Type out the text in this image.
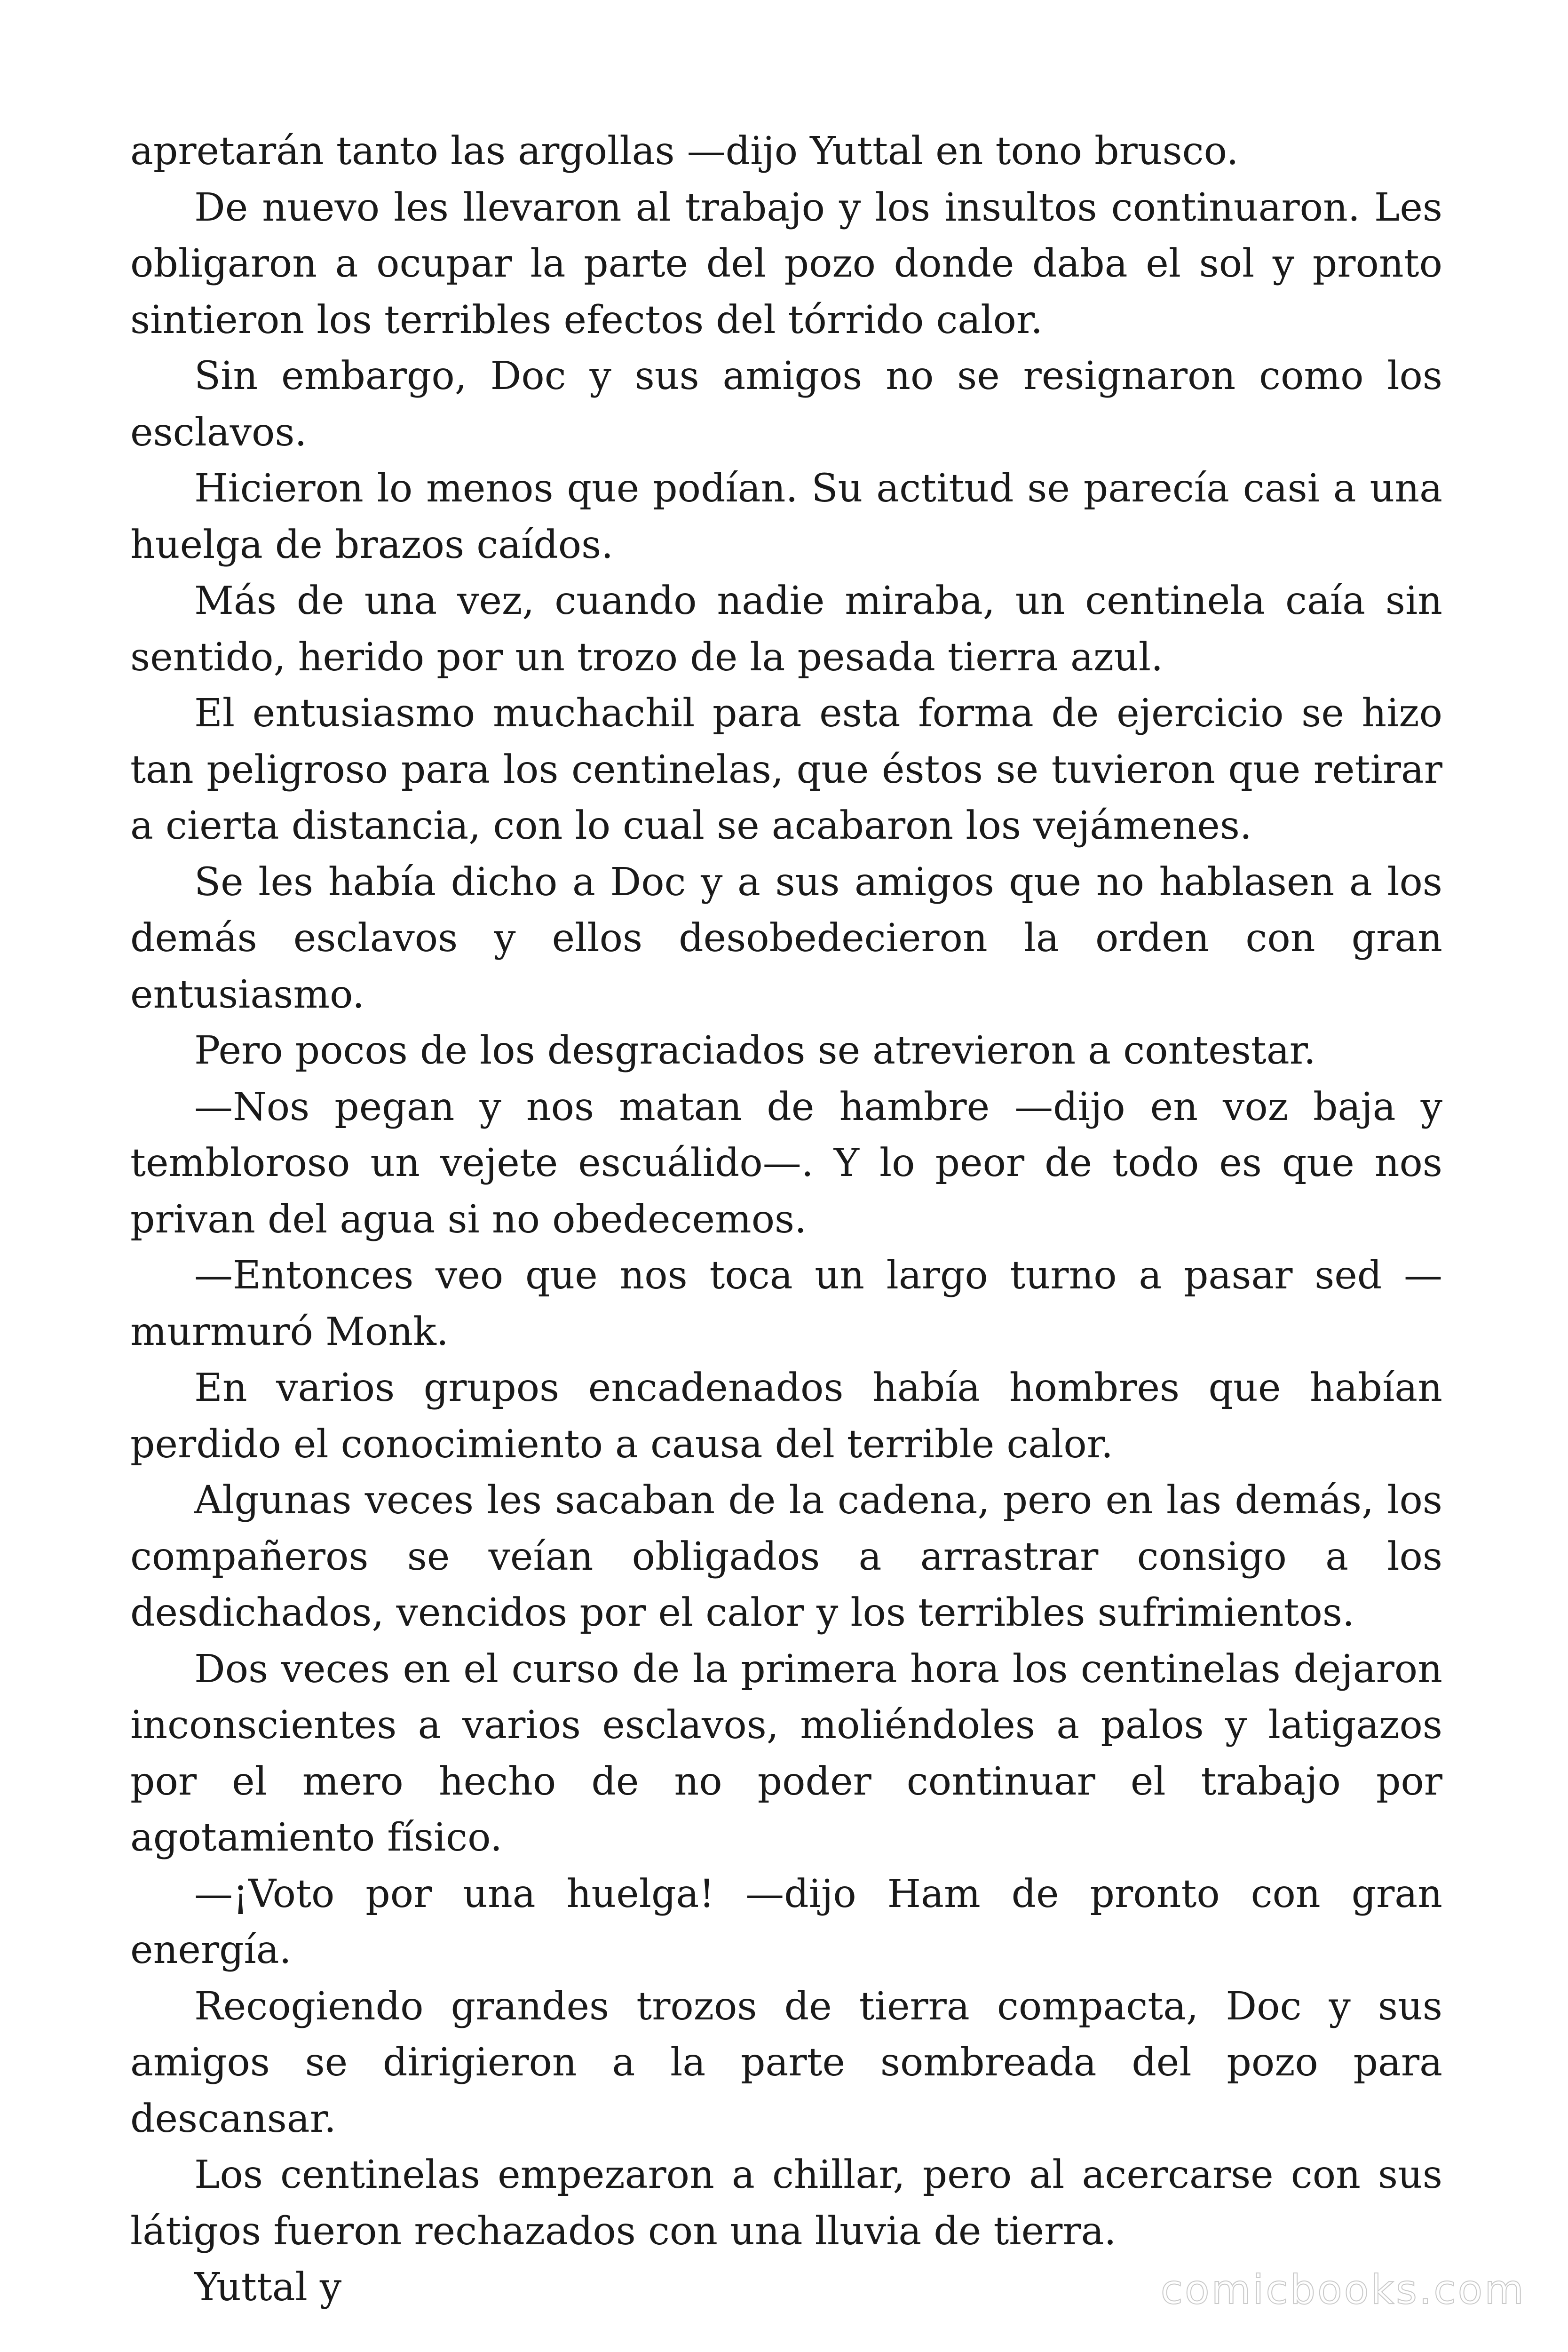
apretarán tanto las argollas —dijo Yuttal en tono brusco.

De nuevo les llevaron al trabajo y los insultos continuaron. Les obligaron a ocupar la parte del pozo donde daba el sol y pronto sintieron los terribles efectos del tórrido calor.

Sin embargo, Doc y sus amigos no se resignaron como los esclavos.

Hicieron lo menos que podían. Su actitud se parecía casi a una huelga de brazos caídos.

Más de una vez, cuando nadie miraba, un centinela caía sin sentido, herido por un trozo de la pesada tierra azul.

El entusiasmo muchachil para esta forma de ejercicio se hizo tan peligroso para los centinelas, que éstos se tuvieron que retirar a cierta distancia, con lo cual se acabaron los vejámenes.

Se les había dicho a Doc y a sus amigos que no hablasen a los demás esclavos y ellos desobedecieron la orden con gran entusiasmo.

Pero pocos de los desgraciados se atrevieron a contestar.

—Nos pegan y nos matan de hambre —dijo en voz baja y tembloroso un vejete escuálido—. Y lo peor de todo es que nos privan del agua si no obedecemos.

—Entonces veo que nos toca un largo turno a pasar sed —murmuró Monk.

En varios grupos encadenados había hombres que habían perdido el conocimiento a causa del terrible calor.

Algunas veces les sacaban de la cadena, pero en las demás, los compañeros se veían obligados a arrastrar consigo a los desdichados, vencidos por el calor y los terribles sufrimientos.

Dos veces en el curso de la primera hora los centinelas dejaron inconscientes a varios esclavos, moliéndoles a palos y latigazos por el mero hecho de no poder continuar el trabajo por agotamiento físico.

—¡Voto por una huelga! —dijo Ham de pronto con gran energía.

Recogiendo grandes trozos de tierra compacta, Doc y sus amigos se dirigieron a la parte sombreada del pozo para descansar.

Los centinelas empezaron a chillar, pero al acercarse con sus látigos fueron rechazados con una lluvia de tierra.

Yuttal y	comicbooks.com
